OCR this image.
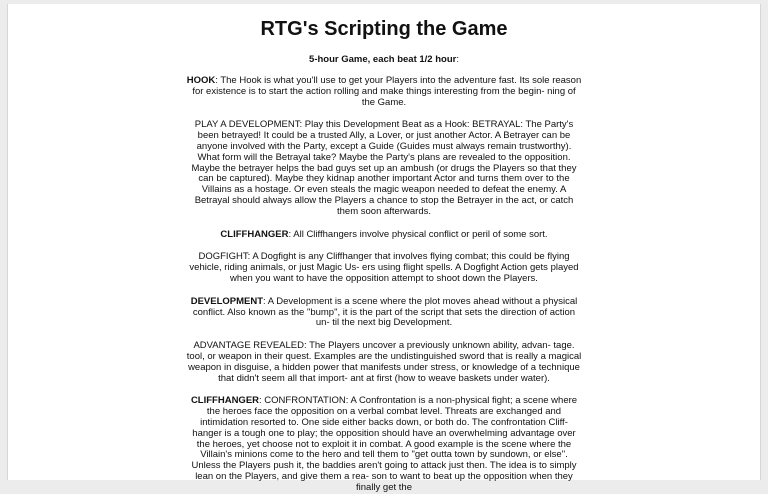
RTG's Scripting the Game
5-hour Game, each beat 1/2 hour:

HOOK: The Hook is what you'll use to get your Players into the adventure fast. Its sole reason for existence is to start the action rolling and make things interesting from the begin- ning of the Game.

PLAY A DEVELOPMENT: Play this Development Beat as a Hook: BETRAYAL: The Party's been betrayed! It could be a trusted Ally, a Lover, or just another Actor. A Betrayer can be anyone involved with the Party, except a Guide (Guides must always remain trustworthy). What form will the Betrayal take? Maybe the Party's plans are revealed to the opposition. Maybe the betrayer helps the bad guys set up an ambush (or drugs the Players so that they can be captured). Maybe they kidnap another important Actor and turns them over to the Villains as a hostage. Or even steals the magic weapon needed to defeat the enemy. A Betrayal should always allow the Players a chance to stop the Betrayer in the act, or catch them soon afterwards.

CLIFFHANGER: All Cliffhangers involve physical conflict or peril of some sort.

DOGFIGHT: A Dogfight is any Cliffhanger that involves flying combat; this could be flying vehicle, riding animals, or just Magic Us- ers using flight spells. A Dogfight Action gets played when you want to have the opposition attempt to shoot down the Players.

DEVELOPMENT: A Development is a scene where the plot moves ahead without a physical conflict. Also known as the "bump", it is the part of the script that sets the direction of action un- til the next big Development.

ADVANTAGE REVEALED: The Players uncover a previously unknown ability, advan- tage. tool, or weapon in their quest. Examples are the undistinguished sword that is really a magical weapon in disguise, a hidden power that manifests under stress, or knowledge of a technique that didn't seem all that import- ant at first (how to weave baskets under water).

CLIFFHANGER: CONFRONTATION: A Confrontation is a non-physical fight; a scene where the heroes face the opposition on a verbal combat level. Threats are exchanged and intimidation resorted to. One side either backs down, or both do. The confrontation Cliff- hanger is a tough one to play; the opposition should have an overwhelming advantage over the heroes, yet choose not to exploit it in combat. A good example is the scene where the Villain's minions come to the hero and tell them to "get outta town by sundown, or else". Unless the Players push it, the baddies aren't going to attack just then. The idea is to simply lean on the Players, and give them a rea- son to want to beat up the opposition when they finally get the
